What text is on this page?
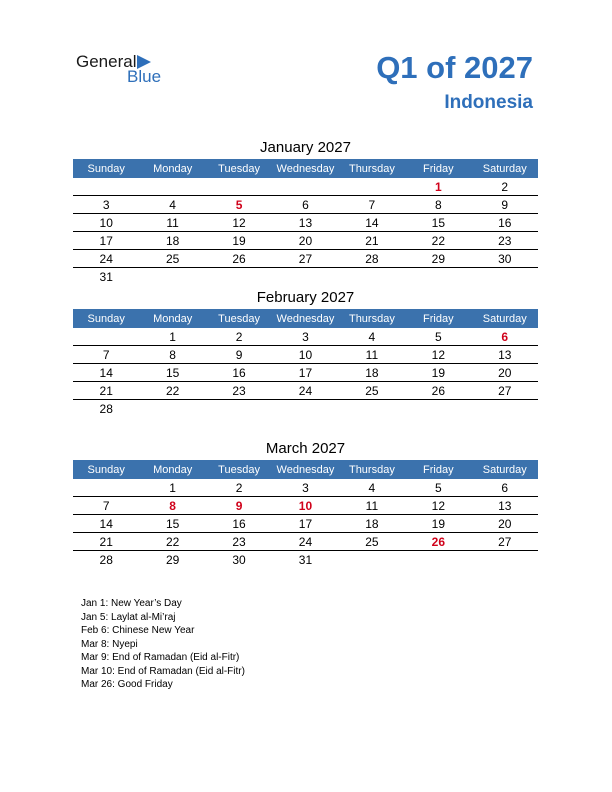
General
Blue	Q1 of 2027
Indonesia
January 2027
Sunday	Monday	Tuesday	Wednesday	Thursday	Friday	Saturday
					1	2
3	4	5	6	7	8	9
10	11	12	13	14	15	16
17	18	19	20	21	22	23
24	25	26	27	28	29	30
31						
February 2027
Sunday	Monday	Tuesday	Wednesday	Thursday	Friday	Saturday
	1	2	3	4	5	6
7	8	9	10	11	12	13
14	15	16	17	18	19	20
21	22	23	24	25	26	27
28						
March 2027
Sunday	Monday	Tuesday	Wednesday	Thursday	Friday	Saturday
	1	2	3	4	5	6
7	8	9	10	11	12	13
14	15	16	17	18	19	20
21	22	23	24	25	26	27
28	29	30	31			
Jan 1: New Year’s Day
Jan 5: Laylat al-Mi’raj
Feb 6: Chinese New Year
Mar 8: Nyepi
Mar 9: End of Ramadan (Eid al-Fitr)
Mar 10: End of Ramadan (Eid al-Fitr)
Mar 26: Good Friday
